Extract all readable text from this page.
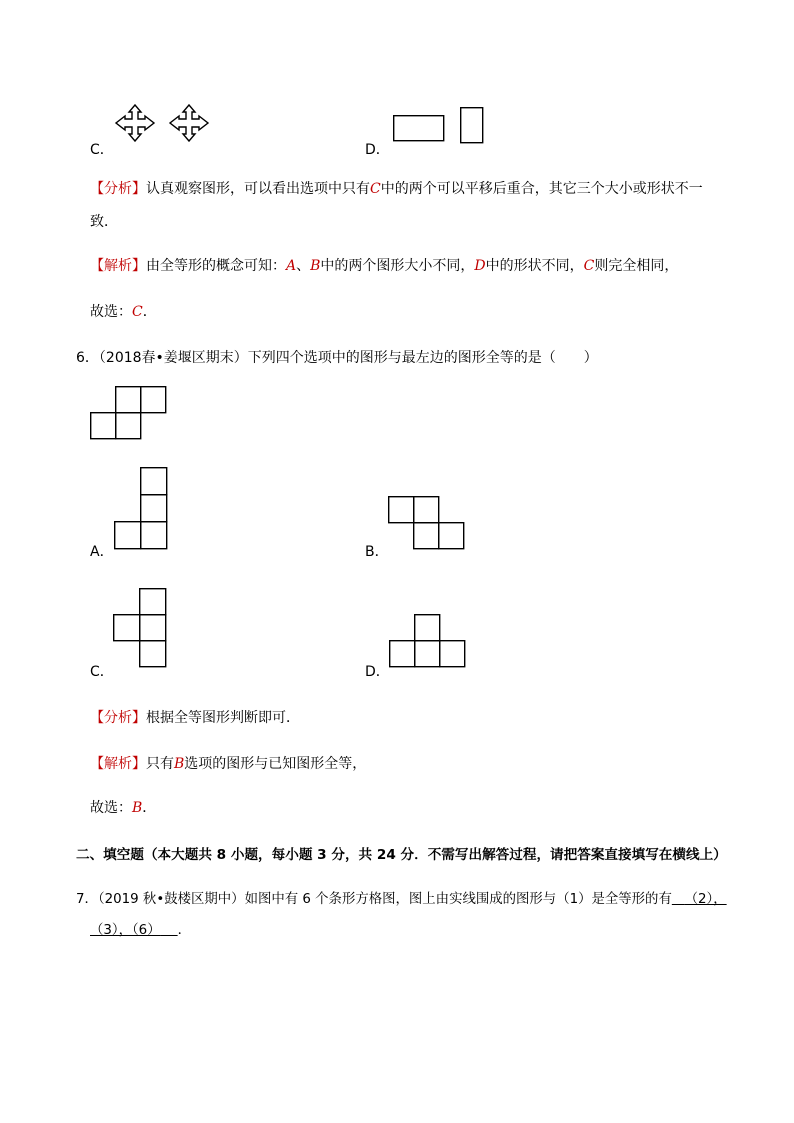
C．	D．
【分析】认真观察图形，可以看出选项中只有C中的两个可以平移后重合，其它三个大小或形状不一
致．
【解析】由全等形的概念可知：A、B中的两个图形大小不同，D中的形状不同，C则完全相同，
故选：C．
6．（2018春•姜堰区期末）下列四个选项中的图形与最左边的图形全等的是（　　）
A．	B．
C．	D．
【分析】根据全等图形判断即可．
【解析】只有B选项的图形与已知图形全等，
故选：B．
二、填空题（本大题共 8 小题，每小题 3 分，共 24 分．不需写出解答过程，请把答案直接填写在横线上）
7．（2019 秋•鼓楼区期中）如图中有 6 个条形方格图，图上由实线围成的图形与（1）是全等形的有 （2），
（3），（6） ．
